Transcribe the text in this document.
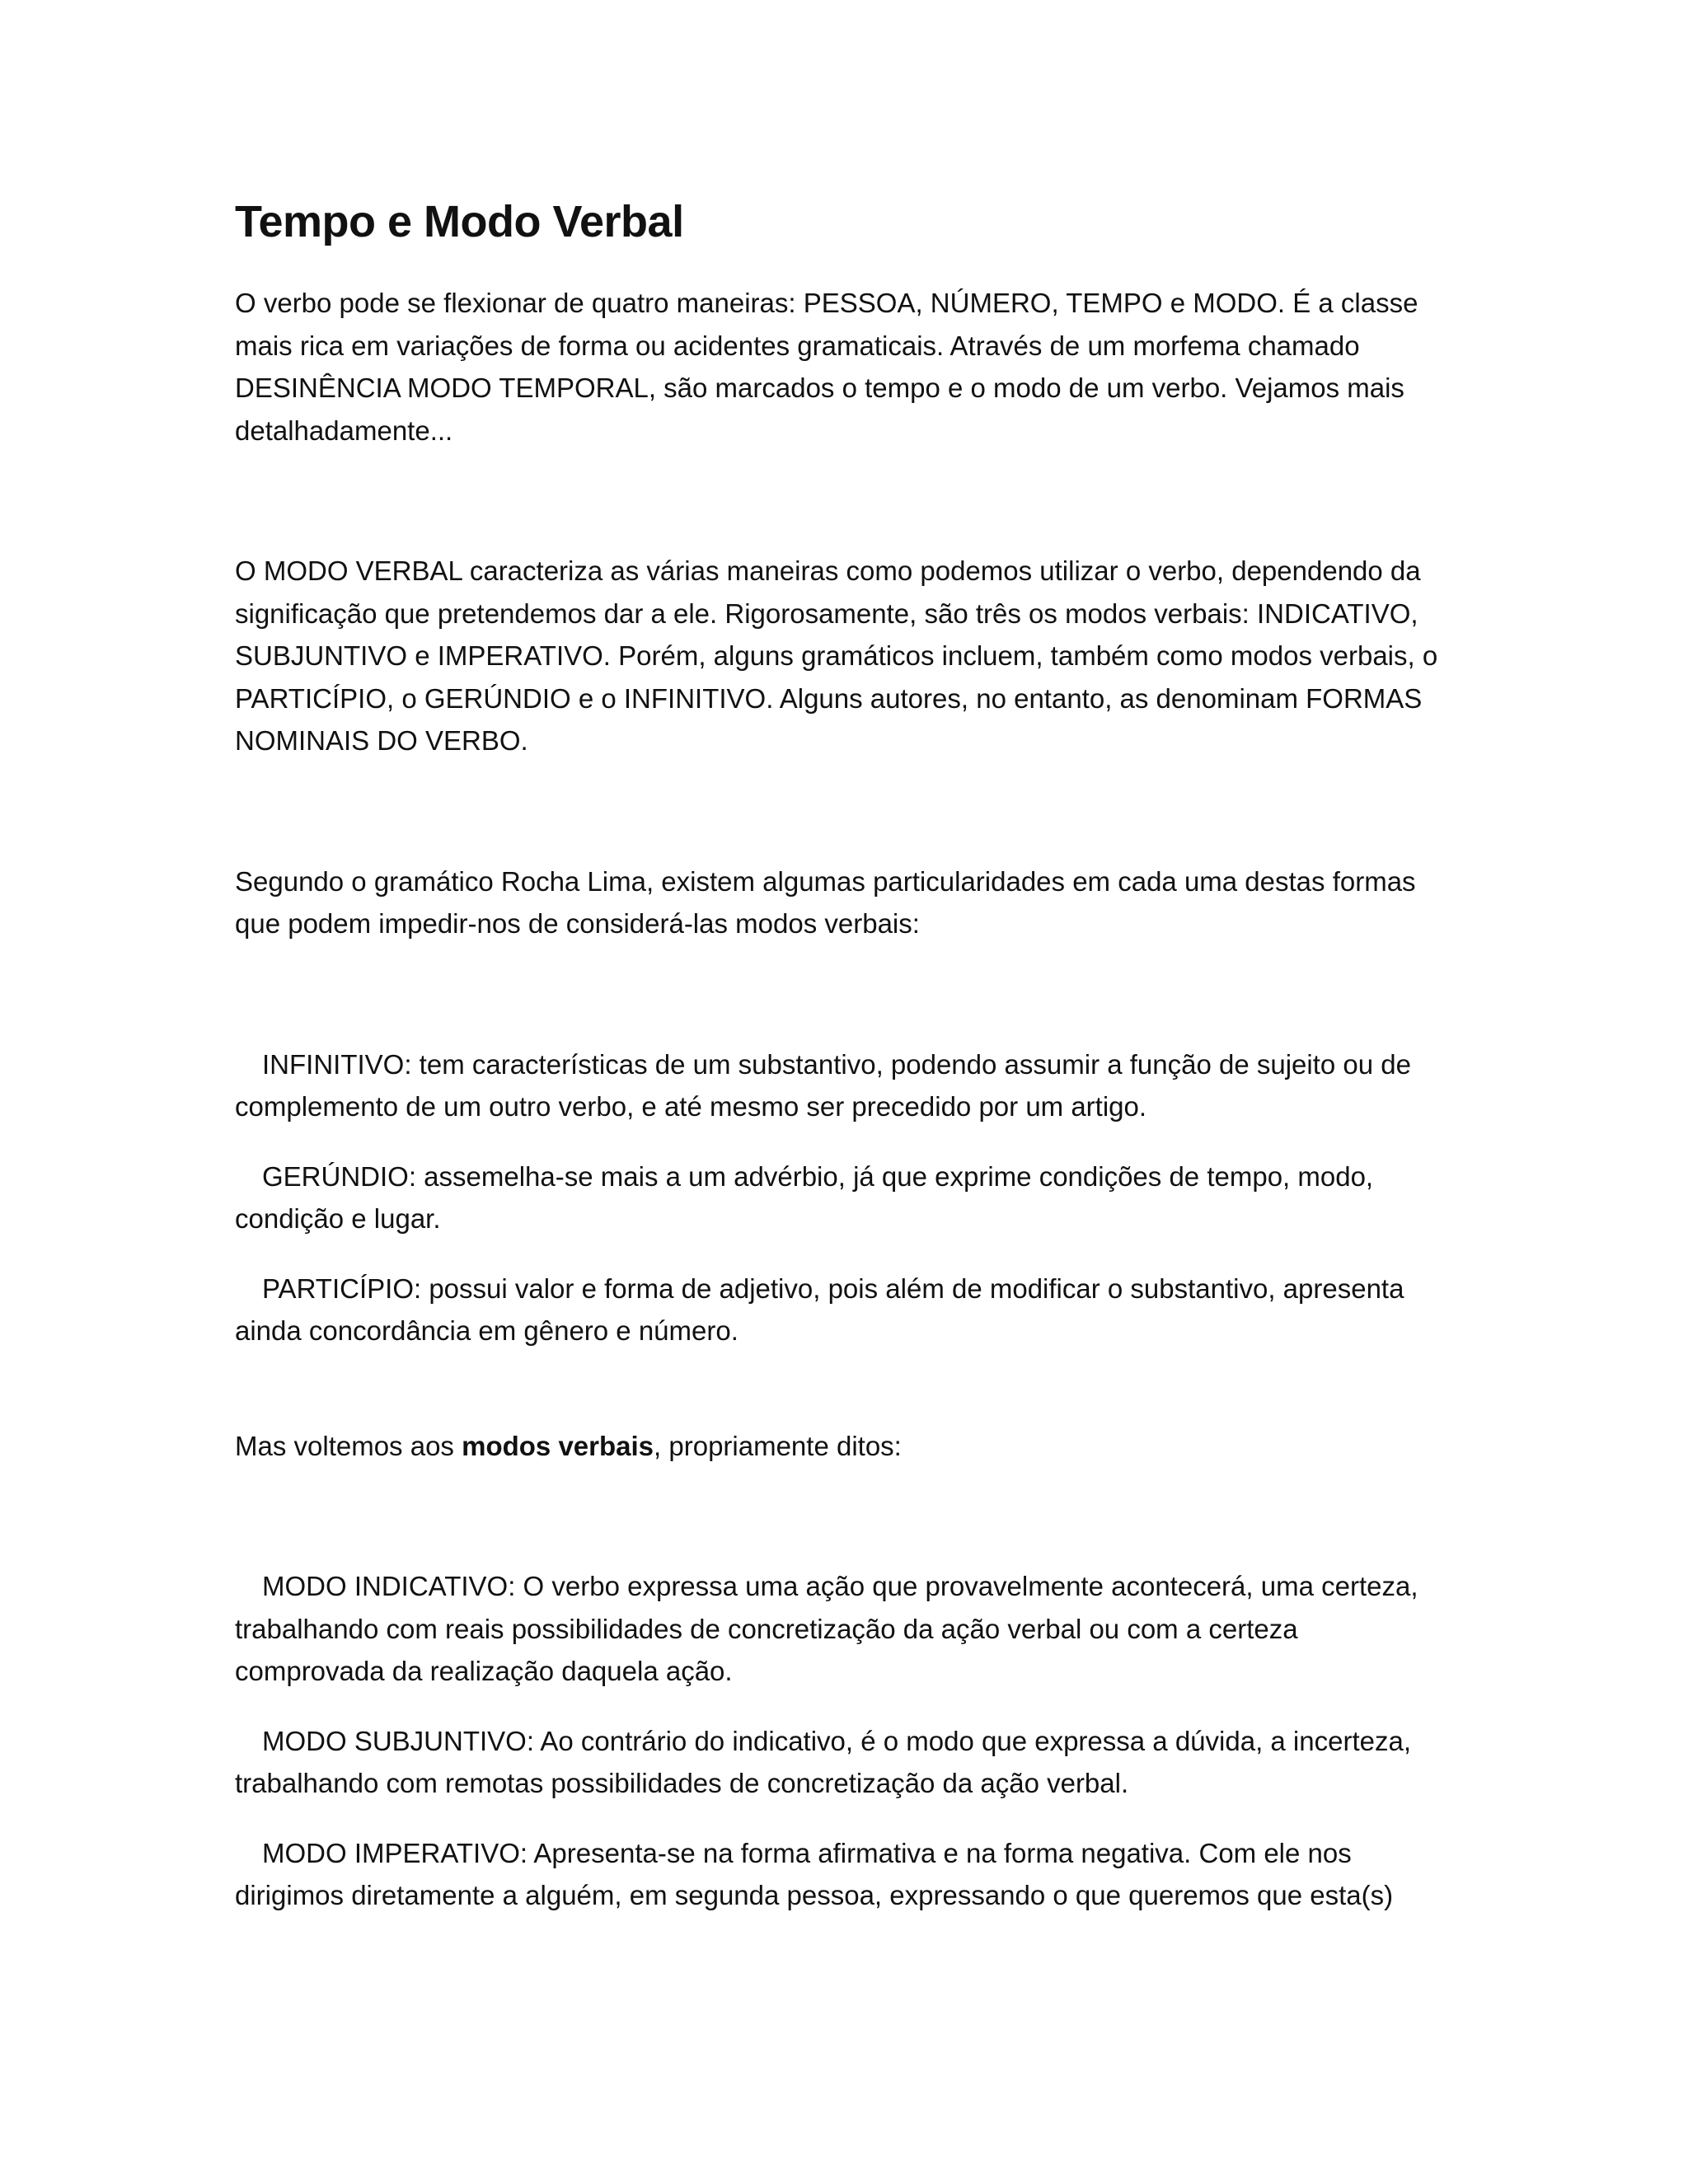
Tempo e Modo Verbal

O verbo pode se flexionar de quatro maneiras: PESSOA, NÚMERO, TEMPO e MODO. É a classe mais rica em variações de forma ou acidentes gramaticais. Através de um morfema chamado DESINÊNCIA MODO TEMPORAL, são marcados o tempo e o modo de um verbo. Vejamos mais detalhadamente...

O MODO VERBAL caracteriza as várias maneiras como podemos utilizar o verbo, dependendo da significação que pretendemos dar a ele. Rigorosamente, são três os modos verbais: INDICATIVO, SUBJUNTIVO e IMPERATIVO. Porém, alguns gramáticos incluem, também como modos verbais, o PARTICÍPIO, o GERÚNDIO e o INFINITIVO. Alguns autores, no entanto, as denominam FORMAS NOMINAIS DO VERBO.

Segundo o gramático Rocha Lima, existem algumas particularidades em cada uma destas formas que podem impedir-nos de considerá-las modos verbais:

INFINITIVO: tem características de um substantivo, podendo assumir a função de sujeito ou de complemento de um outro verbo, e até mesmo ser precedido por um artigo.

GERÚNDIO: assemelha-se mais a um advérbio, já que exprime condições de tempo, modo, condição e lugar.

PARTICÍPIO: possui valor e forma de adjetivo, pois além de modificar o substantivo, apresenta ainda concordância em gênero e número.

Mas voltemos aos modos verbais, propriamente ditos:

MODO INDICATIVO: O verbo expressa uma ação que provavelmente acontecerá, uma certeza, trabalhando com reais possibilidades de concretização da ação verbal ou com a certeza comprovada da realização daquela ação.

MODO SUBJUNTIVO: Ao contrário do indicativo, é o modo que expressa a dúvida, a incerteza, trabalhando com remotas possibilidades de concretização da ação verbal.

MODO IMPERATIVO: Apresenta-se na forma afirmativa e na forma negativa. Com ele nos dirigimos diretamente a alguém, em segunda pessoa, expressando o que queremos que esta(s)
